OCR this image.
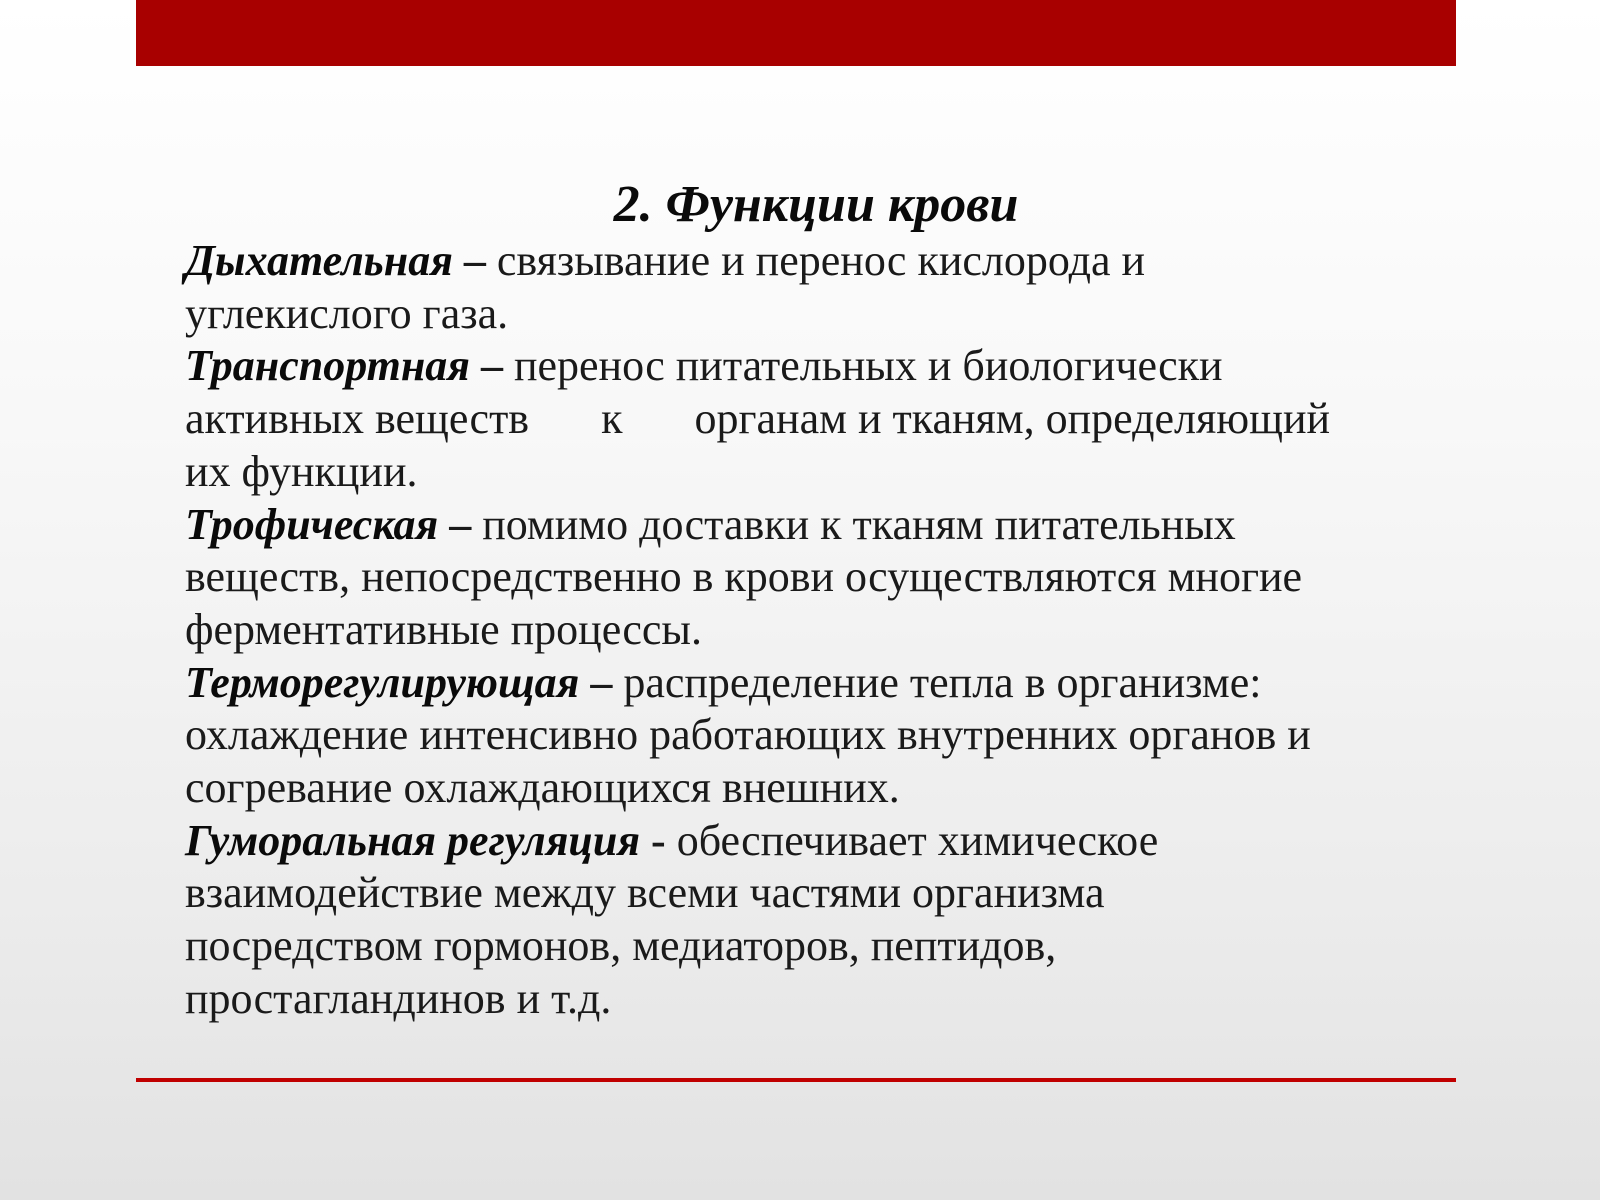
2. Функции крови

Дыхательная – связывание и перенос кислорода и
углекислого газа.

Транспортная – перенос питательных и биологически
активных веществ к органам и тканям, определяющий
их функции.

Трофическая – помимо доставки к тканям питательных
веществ, непосредственно в крови осуществляются многие
ферментативные процессы.

Терморегулирующая – распределение тепла в организме:
охлаждение интенсивно работающих внутренних органов и
согревание охлаждающихся внешних.

Гуморальная регуляция - обеспечивает химическое
взаимодействие между всеми частями организма
посредством гормонов, медиаторов, пептидов,
простагландинов и т.д.
